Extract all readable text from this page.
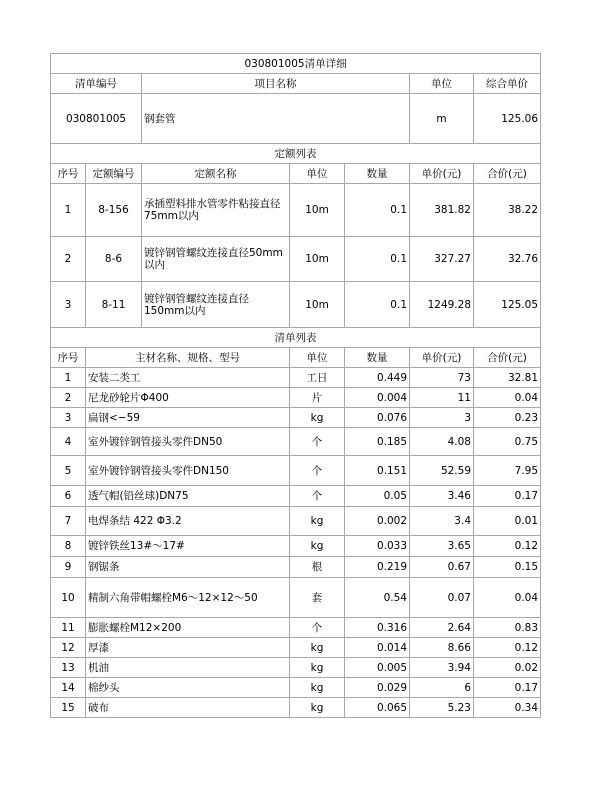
030801005清单详细						
清单编号		项目名称			单位	综合单价
030801005		钢套管			m	125.06
定额列表						
序号	定额编号	定额名称	单位	数量	单价(元)	合价(元)
1	8-156	承插塑料排水管零件粘接直径75mm以内	10m	0.1	381.82	38.22
2	8-6	镀锌钢管螺纹连接直径50mm以内	10m	0.1	327.27	32.76
3	8-11	镀锌钢管螺纹连接直径150mm以内	10m	0.1	1249.28	125.05
清单列表						
序号	主材名称、规格、型号		单位	数量	单价(元)	合价(元)
1	安装二类工		工日	0.449	73	32.81
2	尼龙砂轮片Φ400		片	0.004	11	0.04
3	扁钢<−59		kg	0.076	3	0.23
4	室外镀锌钢管接头零件DN50		个	0.185	4.08	0.75
5	室外镀锌钢管接头零件DN150		个	0.151	52.59	7.95
6	透气帽(铅丝球)DN75		个	0.05	3.46	0.17
7	电焊条结 422 Φ3.2		kg	0.002	3.4	0.01
8	镀锌铁丝13#～17#		kg	0.033	3.65	0.12
9	钢锯条		根	0.219	0.67	0.15
10	精制六角带帽螺栓M6～12×12～50		套	0.54	0.07	0.04
11	膨胀螺栓M12×200		个	0.316	2.64	0.83
12	厚漆		kg	0.014	8.66	0.12
13	机油		kg	0.005	3.94	0.02
14	棉纱头		kg	0.029	6	0.17
15	破布		kg	0.065	5.23	0.34
